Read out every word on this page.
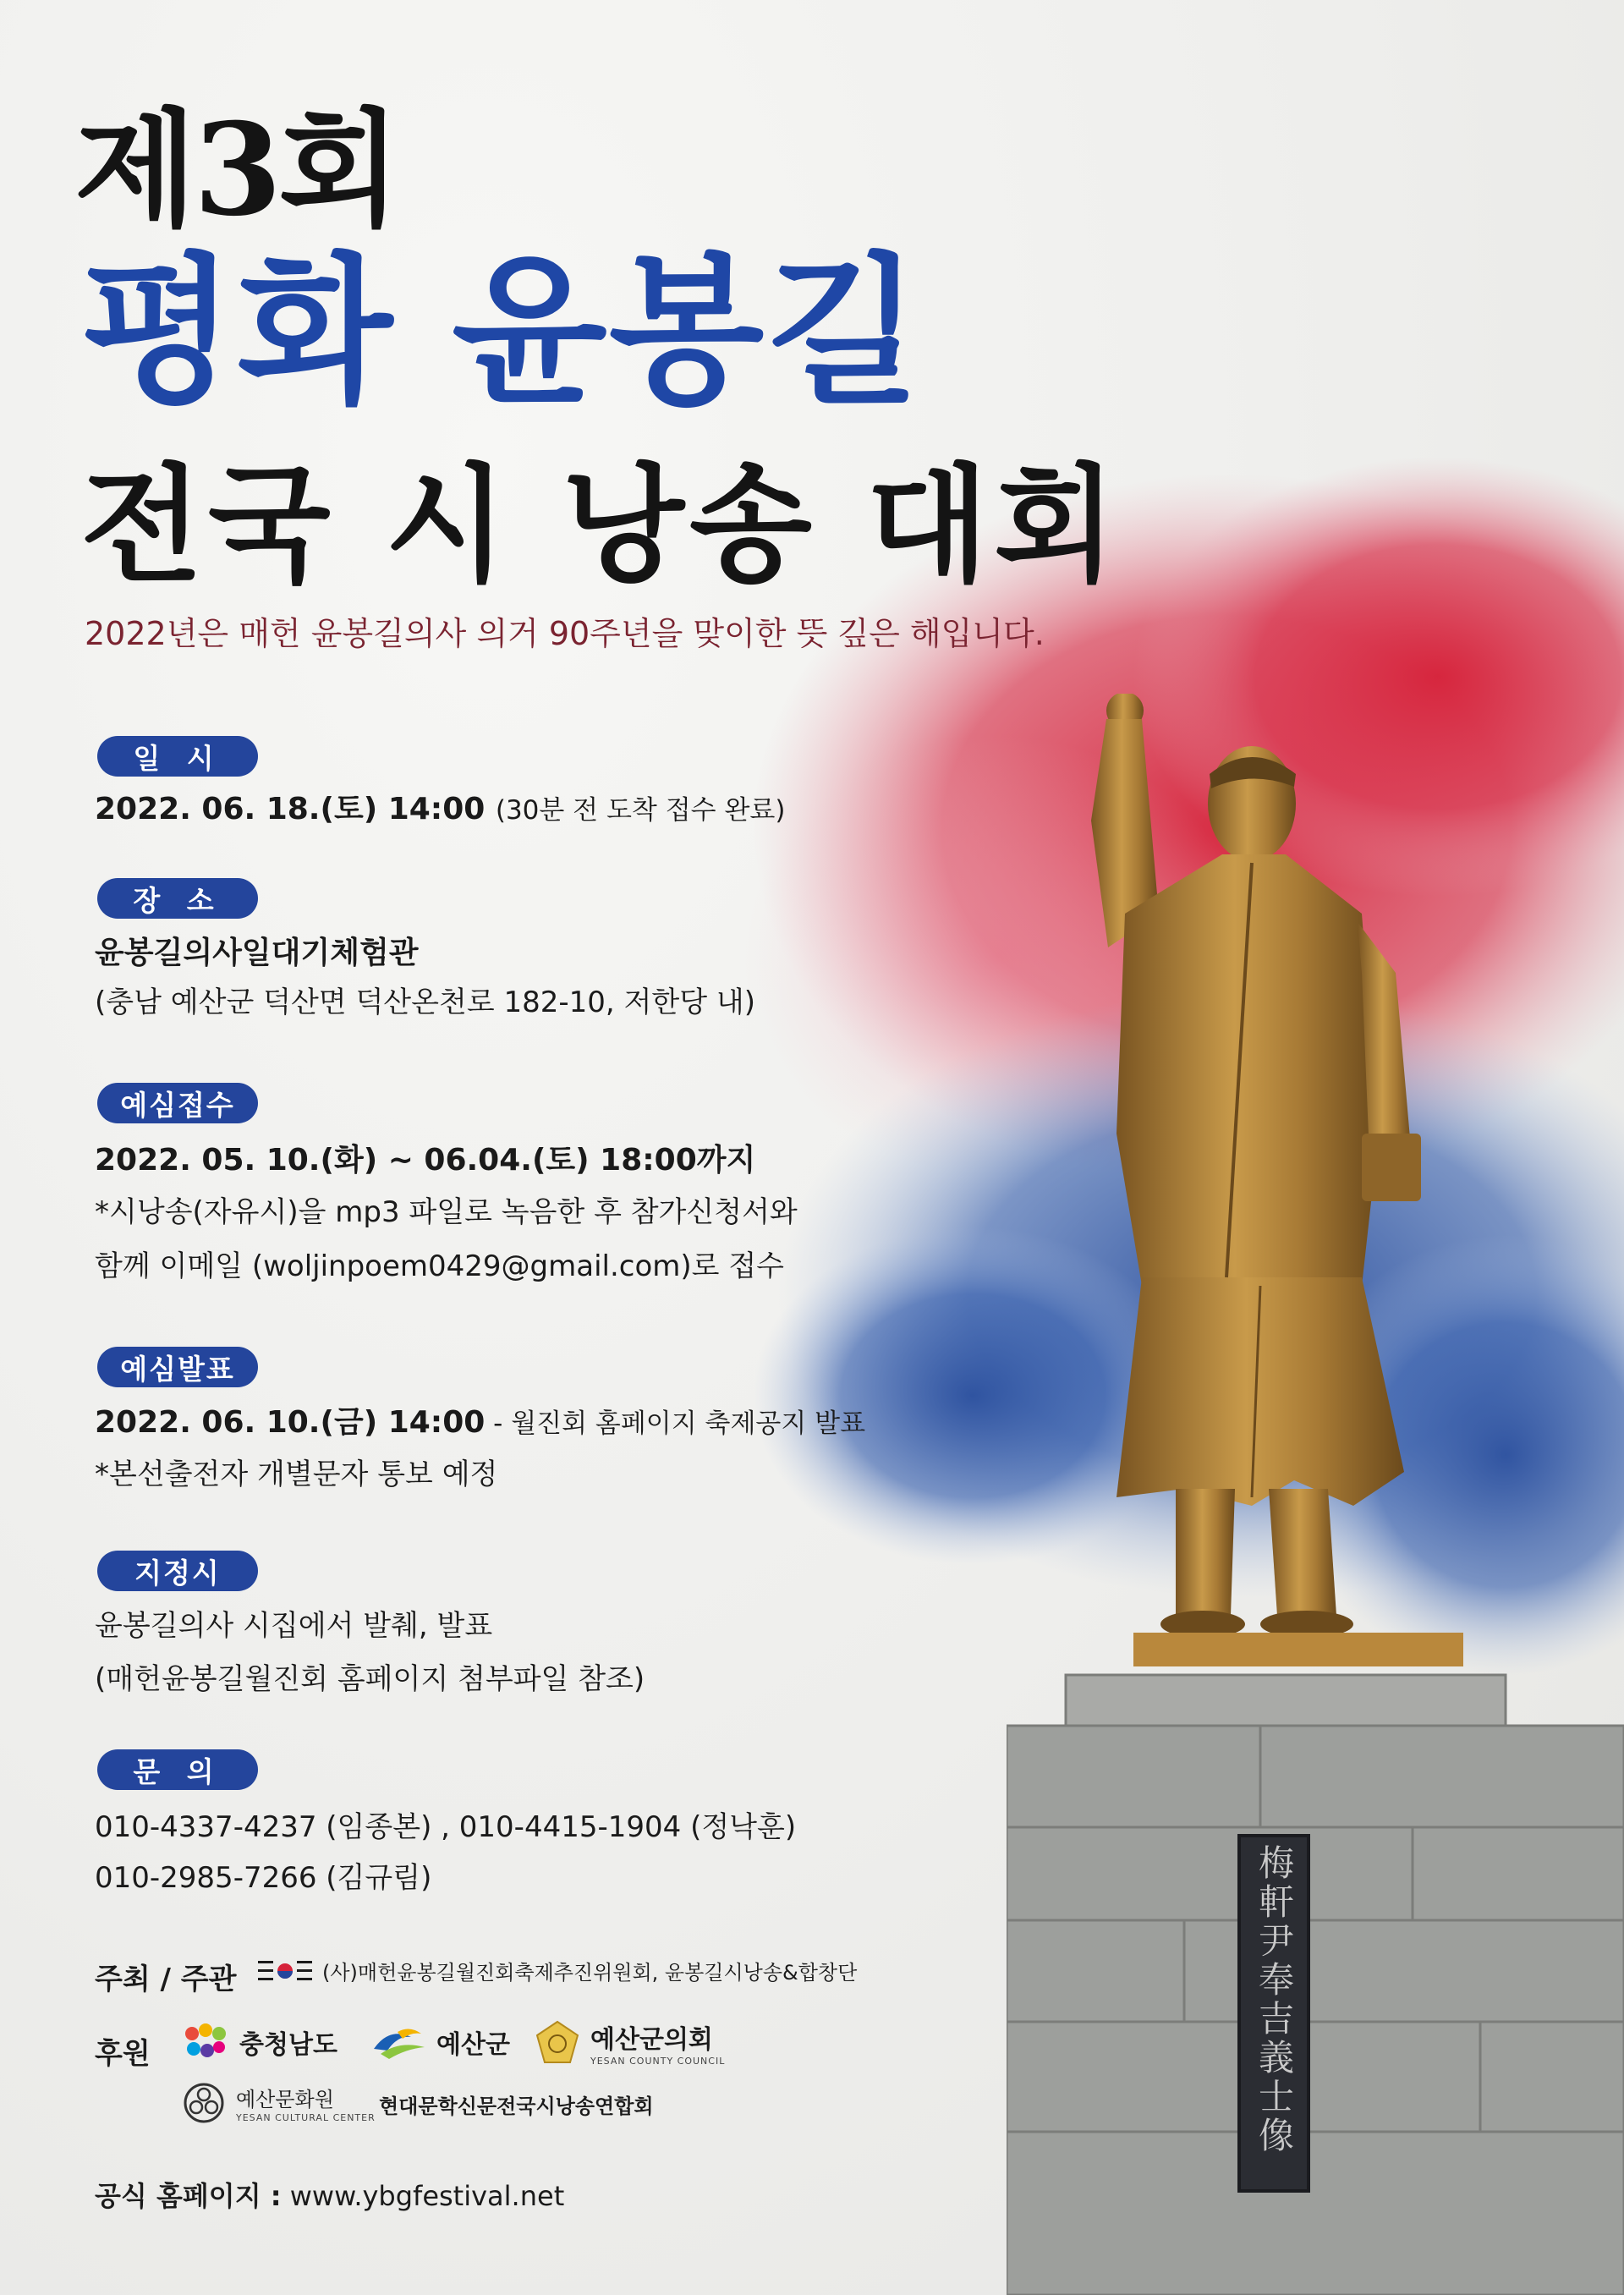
梅軒尹奉吉義士像
제3회
평화 윤봉길
전국 시 낭송 대회
2022년은 매헌 윤봉길의사 의거 90주년을 맞이한 뜻 깊은 해입니다.
일 시
2022. 06. 18.(토) 14:00 (30분 전 도착 접수 완료)
장 소
윤봉길의사일대기체험관
(충남 예산군 덕산면 덕산온천로 182-10, 저한당 내)
예심접수
2022. 05. 10.(화) ~ 06.04.(토) 18:00까지
*시낭송(자유시)을 mp3 파일로 녹음한 후 참가신청서와
함께 이메일 (woljinpoem0429@gmail.com)로 접수
예심발표
2022. 06. 10.(금) 14:00 - 월진회 홈페이지 축제공지 발표
*본선출전자 개별문자 통보 예정
지정시
윤봉길의사 시집에서 발췌, 발표
(매헌윤봉길월진회 홈페이지 첨부파일 참조)
문 의
010-4337-4237 (임종본) , 010-4415-1904 (정낙훈)
010-2985-7266 (김규림)
주최 / 주관	(사)매헌윤봉길월진회축제추진위원회, 윤봉길시낭송&합창단
후원	충청남도	예산군	예산군의회
YESAN COUNTY COUNCIL
예산문화원
YESAN CULTURAL CENTER 현대문학신문전국시낭송연합회
공식 홈페이지 : www.ybgfestival.net
